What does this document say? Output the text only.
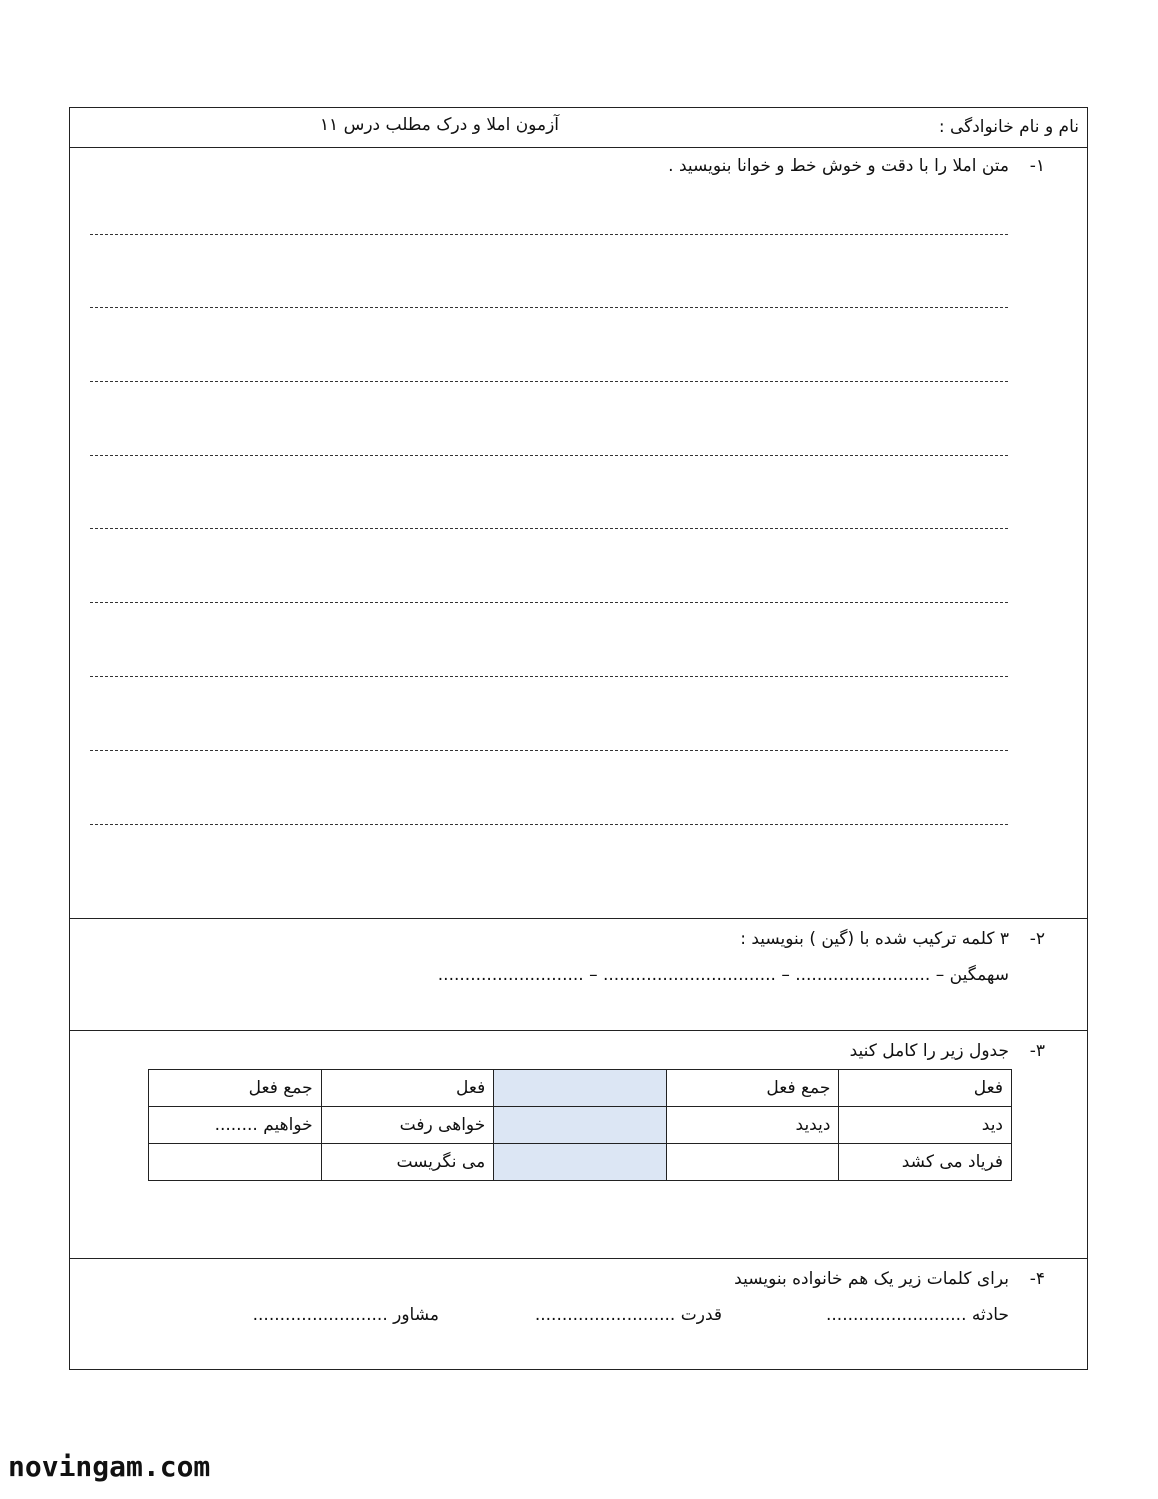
نام و نام خانوادگی :
آزمون املا و درک مطلب درس ۱۱
۱-
متن املا را با دقت و خوش خط و خوانا بنویسید .
۲-
۳ کلمه ترکیب شده با (گین ) بنویسید :
سهمگین – ......................... – ................................ – ...........................
۳-
جدول زیر را کامل کنید
فعل	جمع فعل		فعل	جمع فعل
دید	دیدید		خواهی رفت	خواهیم ........
فریاد می کشد			می نگریست	
۴-
برای کلمات زیر یک هم خانواده بنویسید
حادثه ..........................
قدرت ..........................
مشاور .........................
novingam.com
